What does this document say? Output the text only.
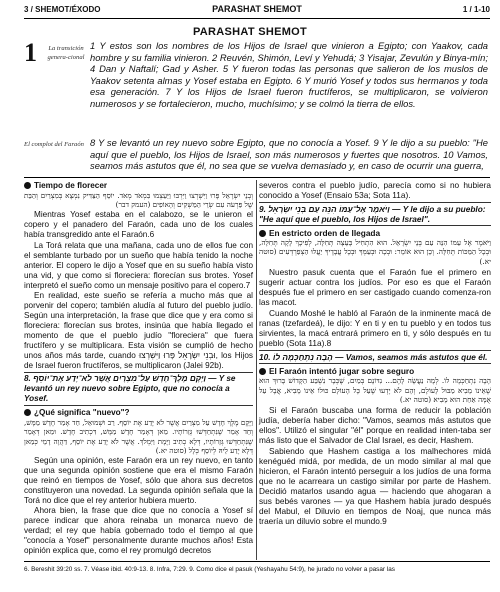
3 / SHEMOT/ÉXODO	PARASHAT SHEMOT	1 / 1-10
PARASHAT SHEMOT
1	La transición genera-cional
El complot del Faraón
1 Y estos son los nombres de los Hijos de Israel que vinieron a Egipto; con Yaakov, cada hombre y su familia vinieron. 2 Reuvén, Shimón, Leví y Yehudá; 3 Yisajar, Zevulún y Binya-mín; 4 Dan y Naftalí; Gad y Asher. 5 Y fueron todas las personas que salieron de los muslos de Yaakov setenta almas y Yosef estaba en Egipto. 6 Y murió Yosef y todos sus hermanos y toda esa generación. 7 Y los Hijos de Israel fueron fructíferos, se multiplicaron, se volvieron numerosos y se fortalecieron, mucho, muchísimo; y se colmó la tierra de ellos.
8 Y se levantó un rey nuevo sobre Egipto, que no conocía a Yosef. 9 Y le dijo a su pueblo: "He aquí que el pueblo, los Hijos de Israel, son más numerosos y fuertes que nosotros. 10 Vamos, seamos más astutos que él, no sea que se vuelva demasiado y, en caso de ocurrir una guerra,
Tiempo de florecer
וְבְנֵי יִשְׂרָאֵל פָּרוּ וַיִּשְׁרְצוּ וַיִּרְבּוּ וַיַּעַצְמוּ בִּמְאֹד מְאֹד. יוֹסֵף הַצַּדִּיק נִמְצָא בְּמִצְרַיִם וְהַבַּת שֶׁל פַּרְעֹה עִם שְׂרֵי הַמַּשְׁקִים וְהָאוֹפִים (העמק דבר)
Mientras Yosef estaba en el calabozo, se le unieron el copero y el panadero del Faraón, cada uno de los cuales había transgredido ante el Faraón.6
La Torá relata que una mañana, cada uno de ellos fue con el semblante turbado por un sueño que había tenido la noche anterior. El copero le dijo a Yosef que en su sueño había visto una vid, y que como si floreciera: florecían sus brotes. Yosef interpretó el sueño como un mensaje positivo para el copero.7
En realidad, este sueño se refería a mucho más que al porvenir del copero; también aludía al futuro del pueblo judío. Según una interpretación, la frase que dice que y era como si floreciera: florecían sus brotes, insinúa que había llegado el momento de que el pueblo judío "floreciera" que fuera fructífero y se multiplicara. Esta visión se cumplió de hecho unos años más tarde, cuando וּבְנֵי יִשְׂרָאֵל פָּרוּ וַיִּשְׁרְצוּ, los Hijos de Israel fueron fructíferos, se multiplicaron (Jalei 92b).
8. וַיָּקָם מֶלֶךְ־חָדָשׁ עַל־מִצְרָיִם אֲשֶׁר לֹא־יָדַע אֶת־יוֹסֵף — Y se levantó un rey nuevo sobre Egipto, que no conocía a Yosef.
¿Qué significa "nuevo"?
וַיָּקָם מֶלֶךְ חָדָשׁ עַל מִצְרַיִם אֲשֶׁר לֹא יָדַע אֶת יוֹסֵף. רַב וּשְׁמוּאֵל, חַד אָמַר חָדָשׁ מַמָּשׁ, וְחַד אָמַר שֶׁנִּתְחַדְּשׁוּ גְּזֵרוֹתָיו. מַאן דְּאָמַר חָדָשׁ מַמָּשׁ, דִּכְתִיב חָדָשׁ. וּמַאן דְּאָמַר שֶׁנִּתְחַדְּשׁוּ גְּזֵרוֹתָיו, דְּלָא כְתִיב וַיָּמָת וַיִּמְלֹךְ. אֲשֶׁר לֹא יָדַע אֶת יוֹסֵף, דַּהֲוָה דָמֵי כְּמַאן דְּלָא יָדַע לֵיהּ לְיוֹסֵף כְּלָל (סוטה יא.)
Según una opinión, este Faraón era un rey nuevo, en tanto que una segunda opinión sostiene que era el mismo Faraón que reinó en tiempos de Yosef, sólo que ahora sus decretos constituyeron una novedad. La segunda opinión señala que la Torá no dice que el rey anterior hubiera muerto.
Ahora bien, la frase que dice que no conocía a Yosef sí parece indicar que ahora reinaba un monarca nuevo de verdad; el rey que había gobernado todo el tiempo al que "conocía a Yosef" personalmente durante muchos años! Esta opinión explica que, como el rey promulgó decretos
severos contra el pueblo judío, parecía como si no hubiera conocido a Yosef (Ensaio 53a; Sota 11a).
9. וַיֹּאמֶר אֶל־עַמּוֹ הִנֵּה עַם בְּנֵי יִשְׂרָאֵל — Y le dijo a su pueblo: "He aquí que el pueblo, los Hijos de Israel".
En estricto orden de llegada
וַיֹּאמֶר אֶל עַמּוֹ הִנֵּה עַם בְּנֵי יִשְׂרָאֵל. הוּא הִתְחִיל בָּעֵצָה תְּחִלָּה, לְפִיכָךְ לָקָה תְּחִלָּה, וּבְכָל הַמַּכּוֹת תְּחִלָּה. וְכֵן הוּא אוֹמֵר: וּבְכָה וּבְעַמְּךָ וּבְכָל עֲבָדֶיךָ יַעֲלוּ הַצְפַרְדְּעִים (סוטה יא.)
Nuestro pasuk cuenta que el Faraón fue el primero en sugerir actuar contra los judíos. Por eso es que el Faraón después fue el primero en ser castigado cuando comenza-ron las macot.
Cuando Moshé le habló al Faraón de la inminente macá de ranas (tzefardeá), le dijo: Y en ti y en tu pueblo y en todos tus sirvientes, la macá entrará primero en ti, y sólo después en tu pueblo (Sota 11a).8
10. הָבָה נִתְחַכְּמָה לוֹ — Vamos, seamos más astutos que él.
El Faraón intentó jugar sobre seguro
הָבָה נִתְחַכְּמָה לוֹ. לְמָה נַעֲשָׂה לָהֶם... נִדּוֹנָם בְּמַיִם, שֶׁכְּבָר נִשְׁבַּע הַקָּדוֹשׁ בָּרוּךְ הוּא שֶׁאֵינוֹ מֵבִיא מַבּוּל לָעוֹלָם, וְהֵם לֹא יָדְעוּ שֶׁעַל כָּל הָעוֹלָם כּוּלוֹ אֵינוֹ מֵבִיא, אֲבָל עַל אֻמָּה אַחַת הוּא מֵבִיא (סוטה יא.)
Si el Faraón buscaba una forma de reducir la población judía, debería haber dicho: "Vamos, seamos más astutos que ellos". Utilizó el singular "él" porque en realidad inten-taba ser más listo que el Salvador de Clal Israel, es decir, Hashem.
Sabiendo que Hashem castiga a los malhechores midá kenéguéd midá, por medida, de un modo similar al mal que hicieron, el Faraón intentó perseguir a los judíos de una forma que no le acarreara un castigo similar por parte de Hashem. Decidió matarlos usando agua — haciendo que ahogaran a sus bebés varones — ya que Hashem había jurado después del Mabul, el Diluvio en tiempos de Noaj, que nunca más traería un diluvio sobre el mundo.9
6. Bereshit 39:20 ss. 7. Véase ibid. 40:9-13. 8. Infra, 7:29. 9. Como dice el pasuk (Yeshayahu 54:9), he jurado no volver a pasar las
